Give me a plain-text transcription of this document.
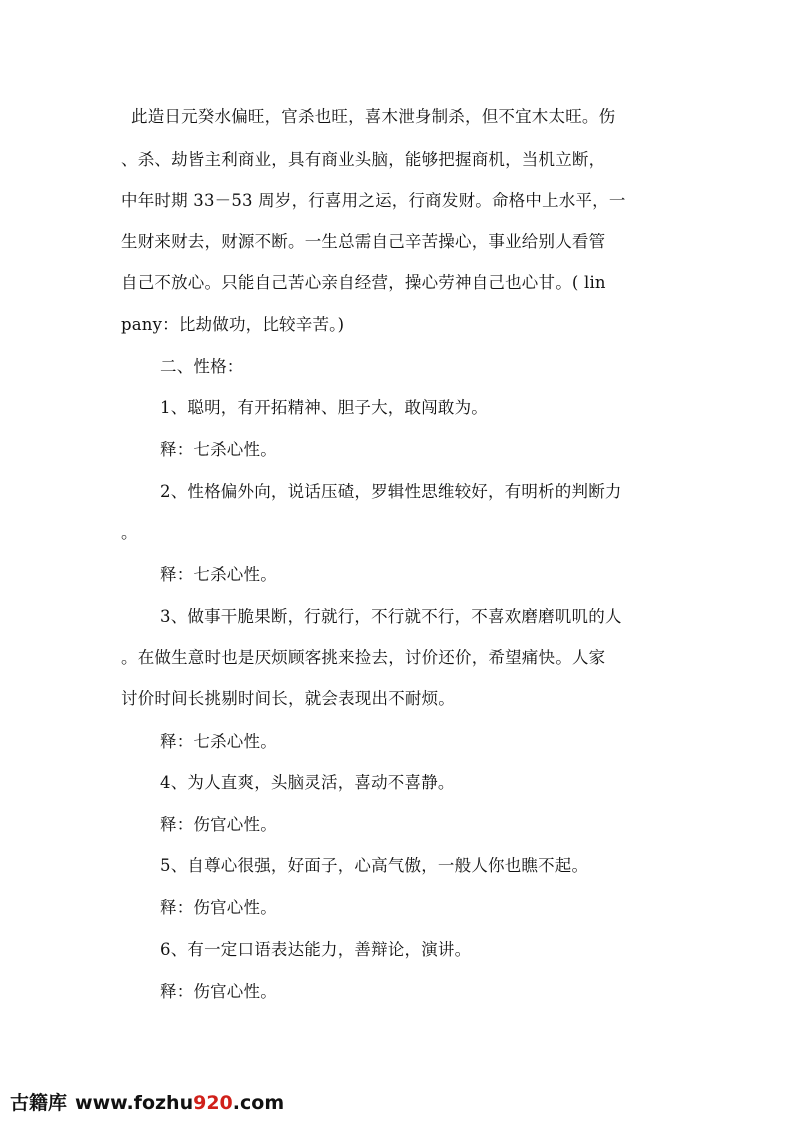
此造日元癸水偏旺，官杀也旺，喜木泄身制杀，但不宜木太旺。伤
、杀、劫皆主利商业，具有商业头脑，能够把握商机，当机立断，
中年时期 33－53 周岁，行喜用之运，行商发财。命格中上水平，一
生财来财去，财源不断。一生总需自己辛苦操心，事业给别人看管
自己不放心。只能自己苦心亲自经营，操心劳神自己也心甘。( lin
pany：比劫做功，比较辛苦。)
二、性格：
1、聪明，有开拓精神、胆子大，敢闯敢为。
释：七杀心性。
2、性格偏外向，说话压碴，罗辑性思维较好，有明析的判断力
。
释：七杀心性。
3、做事干脆果断，行就行，不行就不行，不喜欢磨磨叽叽的人
。在做生意时也是厌烦顾客挑来捡去，讨价还价，希望痛快。人家
讨价时间长挑剔时间长，就会表现出不耐烦。
释：七杀心性。
4、为人直爽，头脑灵活，喜动不喜静。
释：伤官心性。
5、自尊心很强，好面子，心高气傲，一般人你也瞧不起。
释：伤官心性。
6、有一定口语表达能力，善辩论，演讲。
释：伤官心性。
古籍库 www.fozhu920.com
